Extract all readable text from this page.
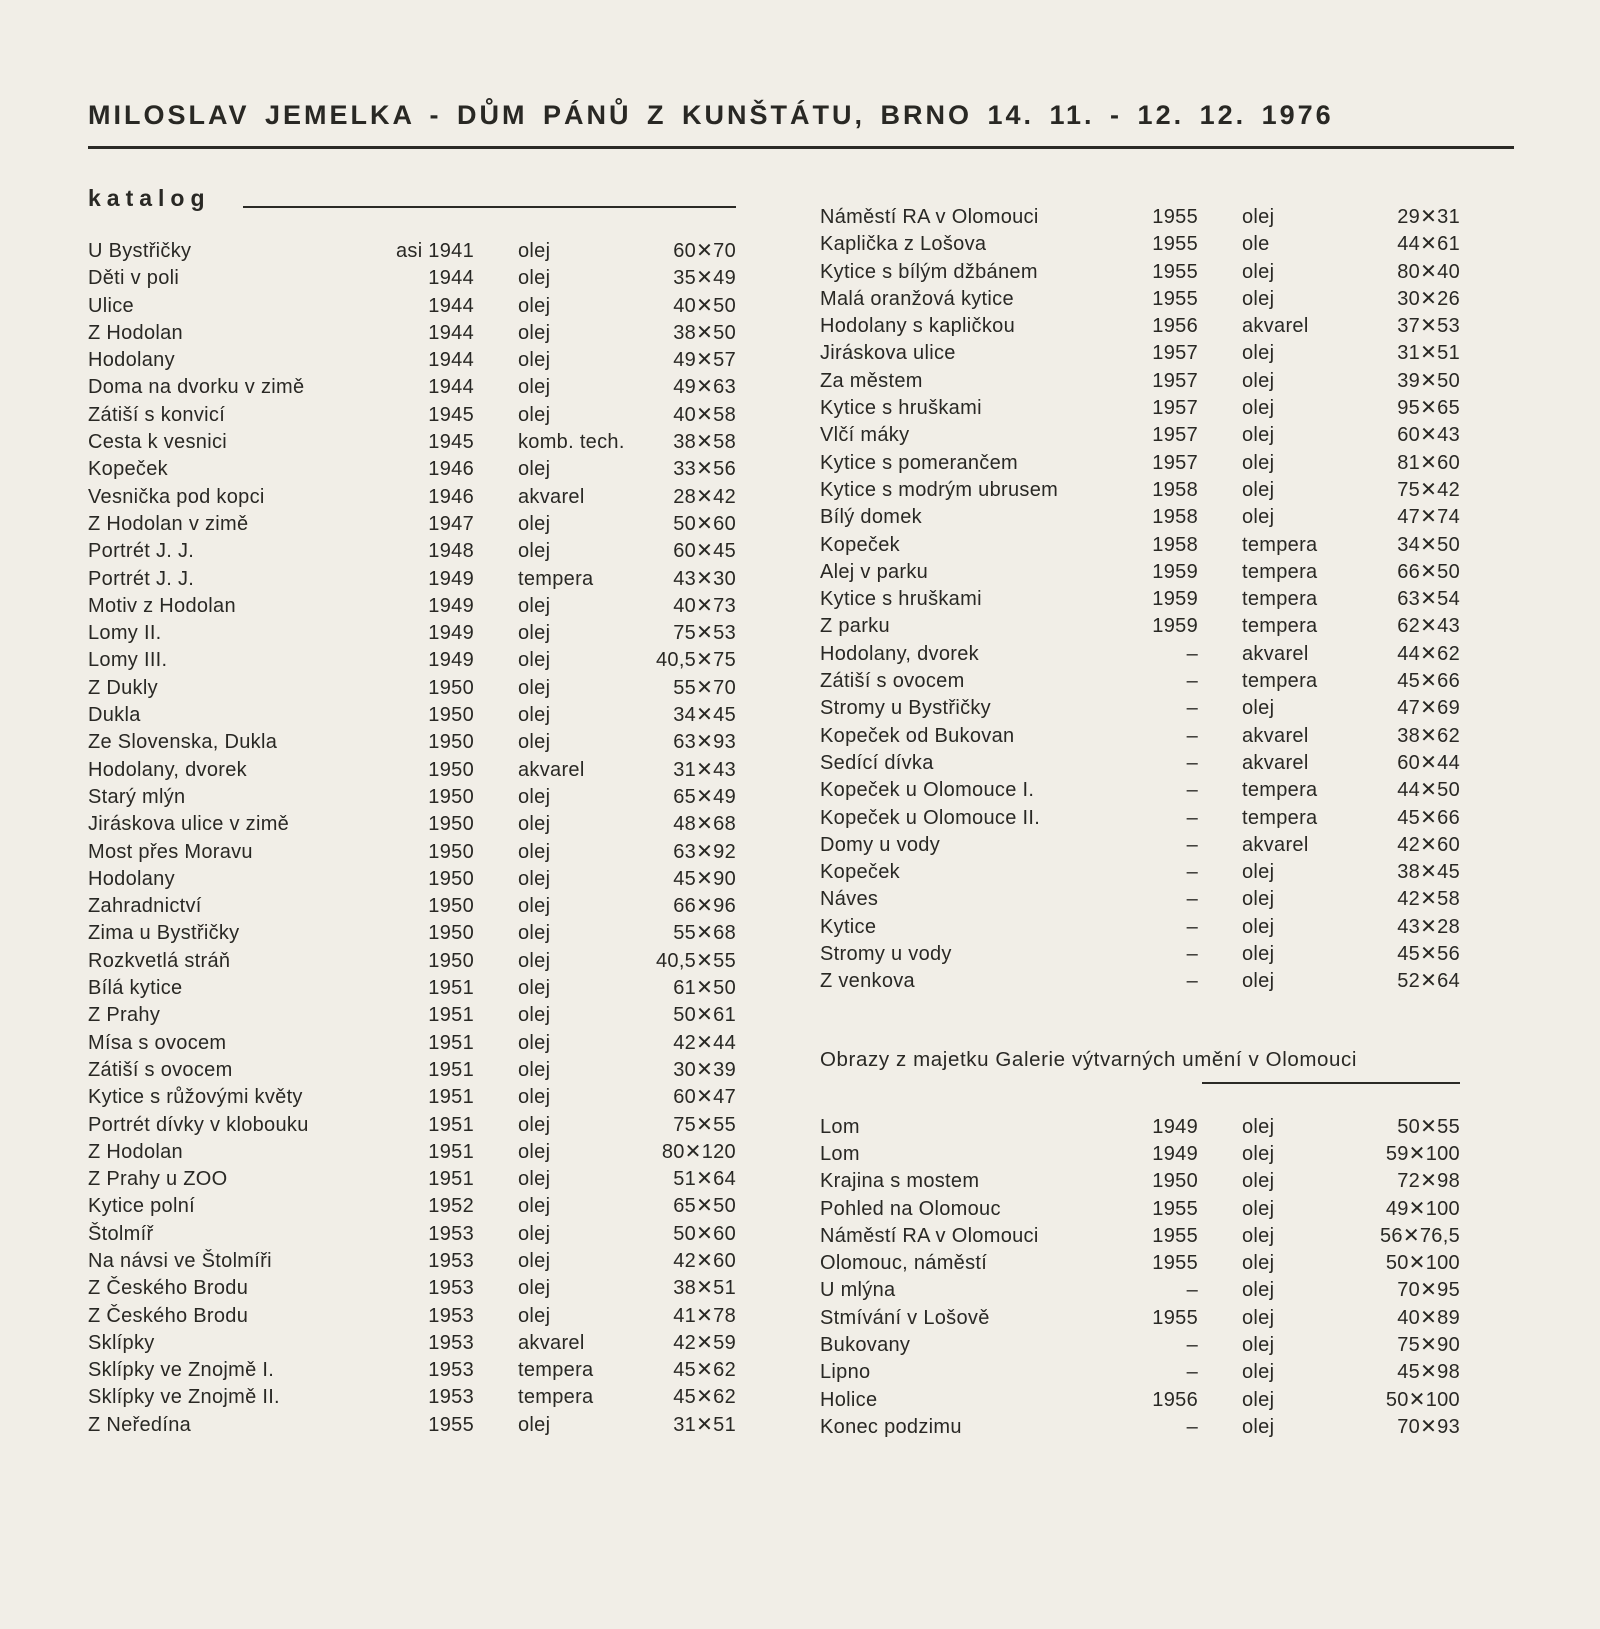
MILOSLAV JEMELKA - DŮM PÁNŮ Z KUNŠTÁTU, BRNO 14. 11. - 12. 12. 1976
katalog
U Bystřičky	asi 1941	olej	60✕70
Děti v poli	1944	olej	35✕49
Ulice	1944	olej	40✕50
Z Hodolan	1944	olej	38✕50
Hodolany	1944	olej	49✕57
Doma na dvorku v zimě	1944	olej	49✕63
Zátiší s konvicí	1945	olej	40✕58
Cesta k vesnici	1945	komb. tech.	38✕58
Kopeček	1946	olej	33✕56
Vesnička pod kopci	1946	akvarel	28✕42
Z Hodolan v zimě	1947	olej	50✕60
Portrét J. J.	1948	olej	60✕45
Portrét J. J.	1949	tempera	43✕30
Motiv z Hodolan	1949	olej	40✕73
Lomy II.	1949	olej	75✕53
Lomy III.	1949	olej	40,5✕75
Z Dukly	1950	olej	55✕70
Dukla	1950	olej	34✕45
Ze Slovenska, Dukla	1950	olej	63✕93
Hodolany, dvorek	1950	akvarel	31✕43
Starý mlýn	1950	olej	65✕49
Jiráskova ulice v zimě	1950	olej	48✕68
Most přes Moravu	1950	olej	63✕92
Hodolany	1950	olej	45✕90
Zahradnictví	1950	olej	66✕96
Zima u Bystřičky	1950	olej	55✕68
Rozkvetlá stráň	1950	olej	40,5✕55
Bílá kytice	1951	olej	61✕50
Z Prahy	1951	olej	50✕61
Mísa s ovocem	1951	olej	42✕44
Zátiší s ovocem	1951	olej	30✕39
Kytice s růžovými květy	1951	olej	60✕47
Portrét dívky v klobouku	1951	olej	75✕55
Z Hodolan	1951	olej	80✕120
Z Prahy u ZOO	1951	olej	51✕64
Kytice polní	1952	olej	65✕50
Štolmíř	1953	olej	50✕60
Na návsi ve Štolmíři	1953	olej	42✕60
Z Českého Brodu	1953	olej	38✕51
Z Českého Brodu	1953	olej	41✕78
Sklípky	1953	akvarel	42✕59
Sklípky ve Znojmě I.	1953	tempera	45✕62
Sklípky ve Znojmě II.	1953	tempera	45✕62
Z Neředína	1955	olej	31✕51
Náměstí RA v Olomouci	1955	olej	29✕31
Kaplička z Lošova	1955	ole	44✕61
Kytice s bílým džbánem	1955	olej	80✕40
Malá oranžová kytice	1955	olej	30✕26
Hodolany s kapličkou	1956	akvarel	37✕53
Jiráskova ulice	1957	olej	31✕51
Za městem	1957	olej	39✕50
Kytice s hruškami	1957	olej	95✕65
Vlčí máky	1957	olej	60✕43
Kytice s pomerančem	1957	olej	81✕60
Kytice s modrým ubrusem	1958	olej	75✕42
Bílý domek	1958	olej	47✕74
Kopeček	1958	tempera	34✕50
Alej v parku	1959	tempera	66✕50
Kytice s hruškami	1959	tempera	63✕54
Z parku	1959	tempera	62✕43
Hodolany, dvorek	–	akvarel	44✕62
Zátiší s ovocem	–	tempera	45✕66
Stromy u Bystřičky	–	olej	47✕69
Kopeček od Bukovan	–	akvarel	38✕62
Sedící dívka	–	akvarel	60✕44
Kopeček u Olomouce I.	–	tempera	44✕50
Kopeček u Olomouce II.	–	tempera	45✕66
Domy u vody	–	akvarel	42✕60
Kopeček	–	olej	38✕45
Náves	–	olej	42✕58
Kytice	–	olej	43✕28
Stromy u vody	–	olej	45✕56
Z venkova	–	olej	52✕64
Obrazy z majetku Galerie výtvarných umění v Olomouci
Lom	1949	olej	50✕55
Lom	1949	olej	59✕100
Krajina s mostem	1950	olej	72✕98
Pohled na Olomouc	1955	olej	49✕100
Náměstí RA v Olomouci	1955	olej	56✕76,5
Olomouc, náměstí	1955	olej	50✕100
U mlýna	–	olej	70✕95
Stmívání v Lošově	1955	olej	40✕89
Bukovany	–	olej	75✕90
Lipno	–	olej	45✕98
Holice	1956	olej	50✕100
Konec podzimu	–	olej	70✕93
